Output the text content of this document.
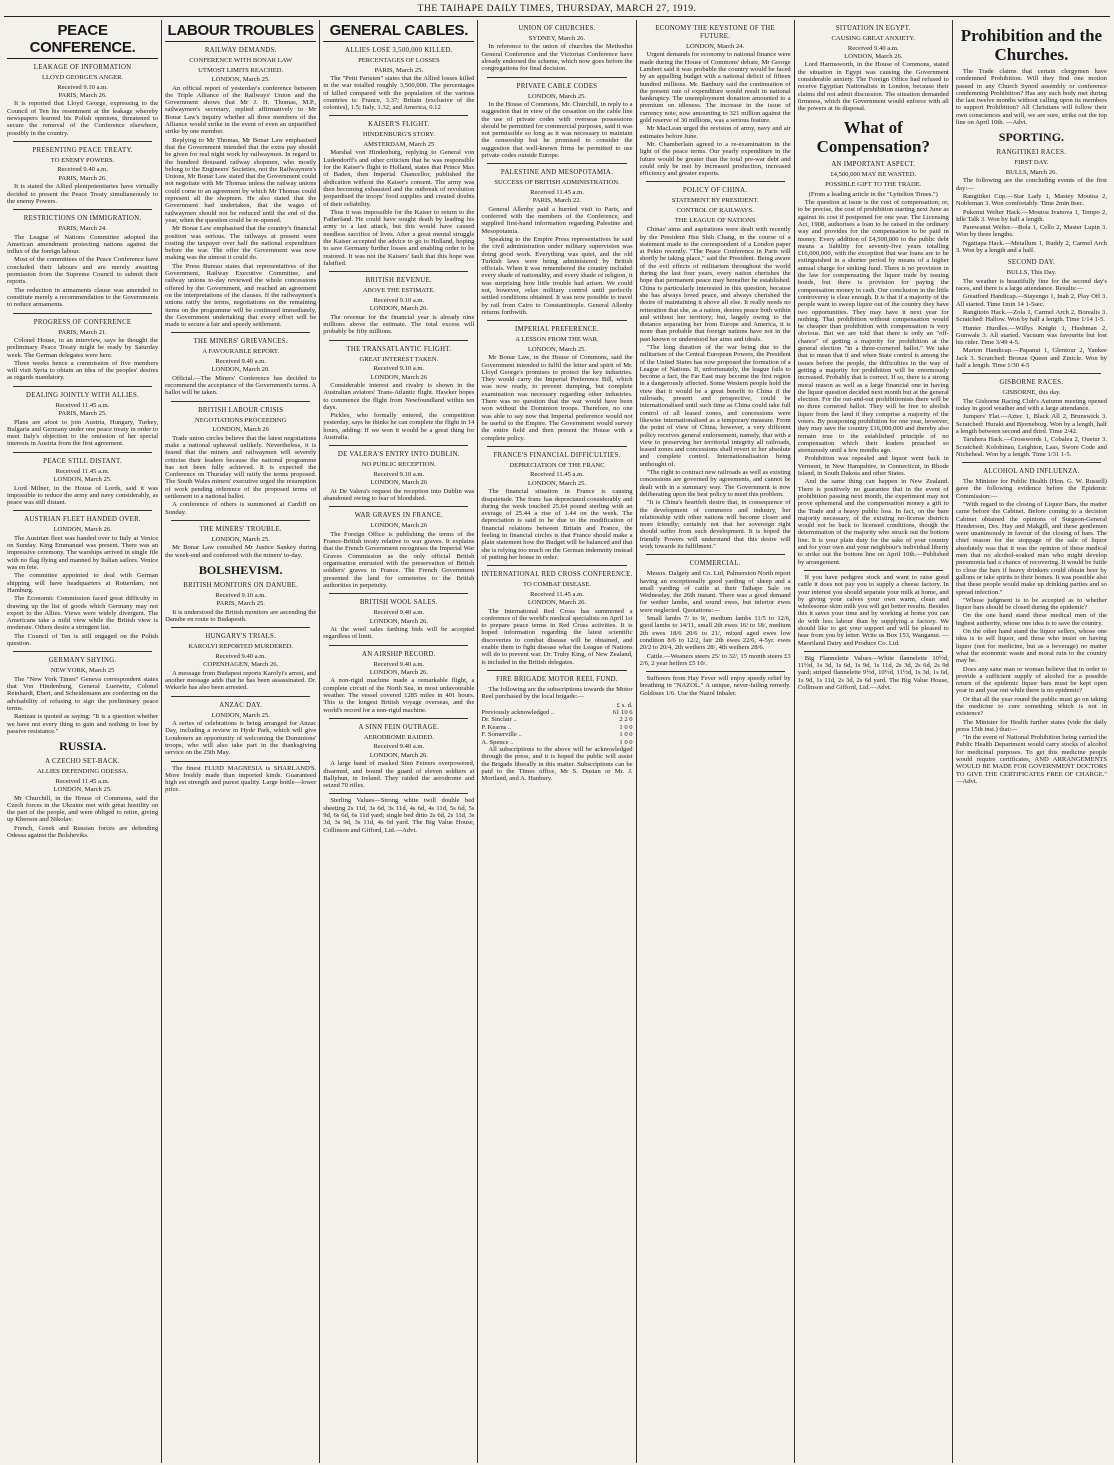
THE TAIHAPE DAILY TIMES, THURSDAY, MARCH 27, 1919.
PEACE CONFERENCE.
LEAKAGE OF INFORMATION
LLOYD GEORGE'S ANGER.
Received 9.10 a.m.
PARIS, March 26.

It is reported that Lloyd George, expressing to the Council of Ten his resentment at the leakage whereby newspapers learned his Polish opinions, threatened to secure the removal of the Conference elsewhere, possibly in the country.

PRESENTING PEACE TREATY.
TO ENEMY POWERS.
Received 9.40 a.m.
PARIS, March 26.

It is stated the Allied plenipotentiaries have virtually decided to present the Peace Treaty simultaneously to the enemy Powers.

RESTRICTIONS ON IMMIGRATION.
PARIS, March 24.

The League of Nations Committee adopted the American amendment protecting nations against the influx of the foreign labour.

Most of the committees of the Peace Conference have concluded their labours and are merely awaiting permission from the Supreme Council to submit their reports.

The reduction in armaments clause was amended to constitute merely a recommendation to the Governments to reduce armaments.

PROGRESS OF CONFERENCE
PARIS, March 21.

Colonel House, in an interview, says he thought the preliminary Peace Treaty might be ready by Saturday week. The German delegates were here.

Three weeks hence a commission of five members will visit Syria to obtain an idea of the peoples' desires as regards mandatory.

DEALING JOINTLY WITH ALLIES.
Received 11.45 a.m.
PARIS, March 25.

Plans are afoot to join Austria, Hungary, Turkey, Bulgaria and Germany under one peace treaty in order to meet Italy's objection to the omission of her special interests in Austria from the first agreement.

PEACE STILL DISTANT.
Received 11.45 a.m.
LONDON, March 25.

Lord Milner, in the House of Lords, said it was impossible to reduce the army and navy considerably, as peace was still distant.

AUSTRIAN FLEET HANDED OVER.
LONDON, March 26.

The Austrian fleet was handed over to Italy at Venice on Sunday. King Emmanuel was present. There was an impressive ceremony. The warships arrived in single file with no flag flying and manned by Italian sailors. Venice was en fete.

The committee appointed to deal with German shipping will have headquarters at Rotterdam, not Hamburg.

The Economic Commission faced great difficulty in drawing up the list of goods which Germany may not export to the Allies. Views were widely divergent. The Americans take a mild view while the British view is moderate. Others desire a stringent list.

The Council of Ten is still engaged on the Polish question.

GERMANY SHYING.
NEW YORK, March 25

The "New York Times" Geneva correspondent states that Von Hindenburg, General Luetwitz, Colonel Reinhardt, Ebert, and Scheidemann are conferring on the advisability of refusing to sign the preliminary peace terms.

Rantzau is quoted as saying: "It is a question whether we have not every thing to gain and nothing to lose by passive resistance."

RUSSIA.
A CZECHO SET-BACK.
ALLIES DEFENDING ODESSA.
Received 11.45 a.m.
LONDON, March 25.

Mr Churchill, in the House of Commons, said the Czech forces in the Ukraine met with great hostility on the part of the people, and were obliged to retire, giving up Kherson and Nikolav.

French, Greek and Russian forces are defending Odessa against the Bolsheviks.

LABOUR TROUBLES
RAILWAY DEMANDS.
CONFERENCE WITH BONAR LAW
UTMOST LIMITS REACHED.
LONDON, March 25.

An official report of yesterday's conference between the Triple Alliance of the Railways' Union and the Government shows that Mr J. H. Thomas, M.P., railwaymen's secretary, replied affirmatively to Mr Bonar Law's inquiry whether all three members of the Alliance would strike in the event of even an unjustified strike by one member.

Replying to Mr Thomas, Mr Bonar Law emphasised that the Government intended that the extra pay should be given for real night work by railwaymen. In regard to the hundred thousand railway shopmen, who mostly belong to the Engineers' Societies, not the Railwaymen's Unions, Mr Bonar Law stated that the Government could not negotiate with Mr Thomas unless the railway unions could come to an agreement by which Mr Thomas could represent all the shopmen. He also stated that the Government had undertaken, that the wages of railwaymen should not be reduced until the end of the year, when the question could be re-opened.

Mr Bonar Law emphasised that the country's financial position was serious. The railways at present were costing the taxpayer over half the national expenditure before the war. The offer the Government was now making was the utmost it could do.

The Press Bureau states that representatives of the Government, Railway Executive Committee, and railway unions to-day reviewed the whole concessions offered by the Government, and reached an agreement on the interpretations of the clauses. If the railwaymen's unions ratify the terms, negotiations on the remaining items on the programme will be continued immediately, the Government undertaking that every effort will be made to secure a fair and speedy settlement.

THE MINERS' GRIEVANCES.
A FAVOURABLE REPORT.
Received 9.40 a.m.
LONDON, March 20.

Official.—The Miners' Conference has decided to recommend the acceptance of the Government's terms. A ballot will be taken.

BRITISH LABOUR CRISIS
NEGOTIATIONS PROCEEDING
LONDON, March 26

Trade union circles believe that the latest negotiations make a national upheaval unlikely. Nevertheless, it is feared that the miners and railwaymen will severely criticise their leaders because the national programme has not been fully achieved. It is expected the Conference on Thursday will ratify the terms proposed. The South Wales miners' executive urged the resumption of work pending reference of the proposed terms of settlement to a national ballot.

A conference of others is summoned at Cardiff on Sunday.

THE MINERS' TROUBLE.
LONDON, March 25.

Mr Bonar Law consulted Mr Justice Sankey during the week-end and conferred with the miners' to-day.

BOLSHEVISM.
BRITISH MONITORS ON DANUBE.
Received 9.10 a.m.
PARIS, March 25.

It is understood the British monitors are ascending the Danube en route to Budapesth.

HUNGARY'S TRIALS.
KAROLYI REPORTED MURDERED.
Received 9.40 a.m.
COPENHAGEN, March 26.

A message from Budapest reports Karolyi's arrest, and another message adds that he has been assassinated. Dr. Wekerle has also been arrested.

ANZAC DAY.
LONDON, March 25.

A series of celebrations is being arranged for Anzac Day, including a review in Hyde Park, which will give Londoners an opportunity of welcoming the Dominions' troops, who will also take part in the thanksgiving service on the 25th May.

The finest FLUID MAGNESIA is SHARLAND'S. More freshly made than imported kinds. Guaranteed high est strength and purest quality. Large bottle—lower price.

GENERAL CABLES.
ALLIES LOSE 3,500,000 KILLED.
PERCENTAGES OF LOSSES
PARIS, March 25.

The "Petit Parisien" states that the Allied losses killed in the war totalled roughly 3,500,000. The percentages of killed compared with the population of the various countries is: France, 3.37; Britain (exclusive of the colonies), 1.5; Italy, 1.32; and America, 0.12

KAISER'S FLIGHT.
HINDENBURG'S STORY.
AMSTERDAM, March 25

Marshal von Hindenburg, replying to General von Ludendorff's and other criticism that he was responsible for the Kaiser's flight to Holland, states that Prince Max of Baden, then Imperial Chancellor, published the abdication without the Kaiser's consent. The army was then becoming exhausted and the outbreak of revolution jeopardised the troops' food supplies and created doubts of their reliability.

Thus it was impossible for the Kaiser to return to the Fatherland. He could have sought death by leading his army to a last attack, but this would have caused needless sacrifice of lives. After a great mental struggle the Kaiser accepted the advice to go to Holland, hoping to save Germany further losses and enabling order to be restored. It was not the Kaisers' fault that this hope was falsified.

BRITISH REVENUE.
ABOVE THE ESTIMATE.
Received 9.10 a.m.
LONDON, March 26.

The revenue for the financial year is already nine millions above the estimate. The total excess will probably be fifty millions.

THE TRANSATLANTIC FLIGHT.
GREAT INTEREST TAKEN.
Received 9.10 a.m.
LONDON, March 26

Considerable interest and rivalry is shown in the Australian aviators' Trans-Atlantic flight. Hawker hopes to commence the flight from Newfoundland within ten days.

Pickles, who formally entered, the competition yesterday, says he thinks he can complete the flight in 14 hours, adding: If we won it would be a great thing for Australia.

DE VALERA'S ENTRY INTO DUBLIN.
NO PUBLIC RECEPTION.
Received 9.10 a.m.
LONDON, March 26

At De Valera's request the reception into Dublin was abandoned owing to fear of bloodshed.

WAR GRAVES IN FRANCE.
LONDON, March 26

The Foreign Office is publishing the terms of the France-British treaty relative to war graves. It explains that the French Government recognises the Imperial War Graves Commission as the only official British organisation entrusted with the preservation of British soldiers' graves in France. The French Government presented the land for cemeteries to the British authorities in perpetuity.

BRITISH WOOL SALES.
Received 9.40 a.m.
LONDON, March 26.

At the wool sales farthing bids will be accepted regardless of limit.

AN AIRSHIP RECORD.
Received 9.40 a.m.
LONDON, March 26.

A non-rigid machine made a remarkable flight, a complete circuit of the North Sea, in most unfavourable weather. The vessel covered 1285 miles in 401 hours. This is the longest British voyage overseas, and the world's record for a non-rigid machine.

A SINN FEIN OUTRAGE.
AERODROME RAIDED.
Received 9.40 a.m.
LONDON, March 26.

A large band of masked Sinn Feiners overpowered, disarmed, and bound the guard of eleven soldiers at Ballyhun, in Ireland. They raided the aerodrome and seized 70 rifles.

Sterling Values—Strong white twill double bed sheeting 2s 11d, 3s 6d, 3s 11d, 4s 6d, 4s 11d, 5s 6d, 5s 9d, 6s 6d, 6s 11d yard; single bed ditto 2s 6d, 2s 11d, 3s 3d, 3s 9d, 3s 11d, 4s 6d yard. The Big Value House, Collinson and Gifford, Ltd.—Advt.

UNION OF CHURCHES.
SYDNEY, March 26.

In reference to the union of churches the Methodist General Conference and the Victorian Conference have already endorsed the scheme, which now goes before the congregations for final decision.

PRIVATE CABLE CODES
LONDON, March 25.

In the House of Commons, Mr. Churchill, in reply to a suggestion that in view of the cessation on the cable line the use of private codes with overseas possessions should be permitted for commercial purposes, said it was not permissible so long as it was necessary to maintain the censorship but he promised to consider the suggestion that well-known firms be permitted to use private codes outside Europe.

PALESTINE AND MESOPOTAMIA.
SUCCESS OF BRITISH ADMINISTRATION.
Received 11.45 a.m.
PARIS, March 22.

General Allenby paid a hurried visit to Paris, and conferred with the members of the Conference, and supplied first-hand information regarding Palestine and Mesopotamia.

Speaking to the Empire Press representatives he said the civil administration under military supervision was doing good work. Everything was quiet, and the old Turkish laws were being administered by British officials. When it was remembered the country included every shade of nationality, and every shade of religion, it was surprising how little trouble had arisen. We could not, however, relax military control until perfectly settled conditions obtained. It was now possible to travel by rail from Cairo to Constantinople. General Allenby returns forthwith.

IMPERIAL PREFERENCE.
A LESSON FROM THE WAR.
LONDON, March 25.

Mr Bonar Law, in the House of Commons, said the Government intended to fulfil the letter and spirit of Mr. Lloyd George's promises to protect the key industries. They would carry the Imperial Preference Bill, which was now ready, to prevent dumping, but complete examination was necessary regarding other industries. There was no question that the war would have been won without the Dominion troops. Therefore, no one was able to say now that Imperial preference would not be useful to the Empire. The Government would survey the entire field and then present the House with a complete policy.

FRANCE'S FINANCIAL DIFFICULTIES.
DEPRECIATION OF THE FRANC
Received 11.45 a.m.
LONDON, March 25.

The financial situation in France is causing disquietude. The franc has depreciated considerably and during the week touched 25.64 pound sterling with an average of 25.44 a rise of 1.44 on the week. The depreciation is said to be due to the modification of financial relations between Britain and France, the feeling in financial circles is that France should make a plain statement how the Budget will be balanced and that she is relying too much on the German indemnity instead of putting her house in order.

INTERNATIONAL RED CROSS CONFERENCE.
TO COMBAT DISEASE.
Received 11.45 a.m.
LONDON, March 26.

The International Red Cross has summoned a conference of the world's medical specialists on April 1st to prepare peace terms in Red Cross activities. It is hoped information regarding the latest scientific discoveries to combat disease will be obtained, and enable them to fight disease what the League of Nations will do to prevent war. Dr. Truby King, of New Zealand, is included in the British delegates.

FIRE BRIGADE MOTOR REEL FUND.

The following are the subscriptions towards the Motor Reel purchased by the local brigade:—

£ s. d.
Previously acknowledged ..	61 10 6
Dr. Sinclair ..	2 2 0
P. Kearns ..	1 0 0
F. Somerville ..	1 0 0
A. Spence ..	1 0 0

All subscriptions to the above will be acknowledged through the press, and it is hoped the public will assist the Brigade liberally in this matter. Subscriptions can be paid to the Times office, Mr S. Dustan or Mr. J. Mortland, and A. Hanbury.

ECONOMY THE KEYSTONE OF THE FUTURE.
LONDON, March 24.

Urgent demands for economy to national finance were made during the House of Commons' debate, Mr George Lambert said it was probable the country would be faced by an appalling budget with a national deficit of fifteen hundred millions. Mr. Banbury said the continuation of the present rate of expenditure would result in national bankruptcy. The unemployment donation amounted to a premium on idleness. The increase in the issue of currency note, now amounting to 321 million against the gold reserve of 30 millions, was a serious feature.

Mr MacLean urged the revision of army, navy and air estimates before June.

Mr. Chamberlain agreed to a re-examination in the light of the peace terms. Our yearly expenditure in the future would be greater than the total pre-war debt and could only be met by increased production, increased efficiency and greater exports.

POLICY OF CHINA.
STATEMENT BY PRESIDENT.
CONTROL OF RAILWAYS.
THE LEAGUE OF NATIONS

Chinas' aims and aspirations were dealt with recently by the President Hsu Shih Chang, in the course of a statement made to the correspondent of a London paper at Pekin recently. "The Peace Conference in Paris will shortly be taking place," said the President. Being aware of the evil effects of militarism throughout the world during the last four years, every nation cherishes the hope that permanent peace may hereafter be established. China is particularly interested in this question, because she has always loved peace, and always cherished the desire of maintaining it above all else. It really needs no reiteration that she, as a nation, desires peace both within and without her territory; but, largely owing to the distance separating her from Europe and America, it is more than probable that foreign nations have not in the past known or understood her aims and ideals.

"The long duration of the war being due to the militarism of the Central European Powers, the President of the United States has now proposed the formation of a League of Nations. If, unfortunately, the league fails to become a fact, the Far East may become the first region in a dangerously affected. Some Western people hold the view that it would be a great benefit to China if the railroads, present and prospective, could be internationalised until such time as China could take full control of all leased zones, and concessions were likewise internationalised as a temporary measure. From the point of view of China, however, a very different policy receives general endorsement, namely, that with a view to preserving her territorial integrity all railroads, leased zones and concessions shall revert to her absolute and complete control. Internationalisation being unthought of.

"The right to contract new railroads as well as existing concessions are governed by agreements, and cannot be dealt with in a summary way. The Government is now deliberating upon the best policy to meet this problem.

"It is China's heartfelt desire that, in consequence of the development of commerce and industry, her relationship with other nations will become closer and more friendly; certainly not that her sovereign right should suffer from such development. It is hoped the friendly Powers will understand that this desire will work towards its fulfilment."

COMMERCIAL.

Messrs. Dalgety and Co. Ltd, Palmerston North report having an exceptionally good yarding of sheep and a small yarding of cattle at their Taihape Sale on Wednesday, the 26th instant. There was a good demand for wether lambs, and sound ewes, but inferior ewes were neglected. Quotations:—

Small lambs 7/ to 9/, medium lambs 11/5 to 12/6, good lambs to 14/11, small 2th ewes 16/ to 18/, medium 2th ewes 18/6 20/6 to 21/, mixed aged ewes low condition 8/6 to 12/2, fair 2th ewes 22/6, 4-5yr. ewes 20/2 to 20/4, 2th wethers 28/, 4th wethers 28/6.

Cattle.—Weaners steers 25/ to 32/, 15 month steers £3 2/6, 2 year heifers £5 10/.

Sufferers from Hay Fever will enjoy speedy relief by breathing in "NAZOL." A unique, never-failing remedy. Goldoses 1/6. Use the Nazol Inhaler.

SITUATION IN EGYPT.
CAUSING GREAT ANXIETY.
Received 9.40 a.m.
LONDON, March 26.

Lord Harmsworth, in the House of Commons, stated the situation in Egypt was causing the Government considerable anxiety. The Foreign Office had refused to receive Egyptian Nationalists in London, because their claims did not admit discussion. The situation demanded firmness, which the Government would enforce with all the powers at its disposal.

What of Compensation?
AN IMPORTANT ASPECT.
£4,500,000 MAY BE WASTED.
POSSIBLE GIFT TO THE TRADE.
(From a leading article in the "Lyttelton Times.")

The question at issue is the cost of compensation; or, to be precise, the cost of prohibition starting next June as against its cost if postponed for one year. The Licensing Act, 1908, authorises a loan to be raised in the ordinary way and provides for the compensation to be paid in money. Every addition of £4,500,000 to the public debt means a liability for seventy-five years totalling £16,000,000, with the exception that war loans are to be extinguished in a shorter period by means of a higher annual charge for sinking fund. There is no provision in the law for compensating the liquor trade by issuing bonds, but there is provision for paying the compensation money in cash. Our conclusion in the little controversy is clear enough. It is that if a majority of the people want to sweep liquor out of the country they have two opportunities. They may have it next year for nothing. That prohibition without compensation would be cheaper than prohibition with compensation is very obvious. But we are told that there is only an "off-chance" of getting a majority for prohibition at the general election "in a three-cornered ballot." We take that to mean that if and when State control is among the issues before the people, the difficulties in the way of getting a majority for prohibition will be enormously increased. Probably that is correct. If so, there is a strong moral reason as well as a large financial one in having the liquor question decided next month but at the general election. For the out-and-out prohibitionists there will be no three cornered ballot. They will be free to abolish liquor from the land if they comprise a majority of the voters. By postponing prohibition for one year, however, they may save the country £16,000,000 and thereby also remain true to the established principle of no compensation which their leaders preached so strenuously until a few months ago.

Prohibition was repealed and liquor went back in Vermont, in New Hampshire, in Connecticut, in Rhode Island, in South Dakota and other States.

And the same thing can happen in New Zealand. There is positively no guarantee that in the event of prohibition passing next month, the experiment may not prove ephemeral and the compensation money a gift to the Trade and a heavy public loss. In fact, on the bare majority necessary, of the existing no-license districts would not be back to licensed conditions, though the determination of the majority who struck out the bottom line. It is your plain duty for the sake of your country and for your own and your neighbour's individual liberty to strike out the bottom line on April 10th.—Published by arrangement.

If you have pedigree stock and want to raise good cattle it does not pay you to supply a cheese factory. In your interest you should separate your milk at home, and by giving your calves your own warm, clean and wholesome skim milk you will get better results. Besides this it saves your time and by working at home you can do with less labour than by supplying a factory. We should like to get your support and will be pleased to hear from you by letter. Write us Box 153, Wanganui. —Maoriland Dairy and Produce Co. Ltd.

Big Flannelette Values—White flannelette 10½d, 11½d, 1s 3d, 1s 6d, 1s 9d, 1s 11d, 2s 3d, 2s 6d, 2s 9d yard; striped flannelette 9½d, 10½d, 11½d, 1s 3d, 1s 6d, 1s 9d, 1s 11d, 2s 3d, 2s 6d yard. The Big Value House, Collinson and Gifford, Ltd.—Advt.

Prohibition and the Churches.

The Trade claims that certain clergymen have condemned Prohibition. Will they find one motion passed in any Church Synod assembly or conference condemning Prohibition? Has any such body met during the last twelve months without calling upon its members to support Prohibition? All Christians will follow their own consciences and will, we are sure, strike out the top line on April 10th. —Advt.

SPORTING.
RANGITIKEI RACES.
FIRST DAY.
BULLS, March 26.

The following are the concluding events of the first day:—

Rangitikei Cup.—Star Lady 1, Mastey Moutoa 2, Nobleman 3. Won comfortably. Time 2min 8sec.

Pukenui Welter Hack.—Moutoa Ivanova 1, Tempo 2, Idle Talk 3. Won by half a length.

Parewanui Welter.—Bola 1, Cello 2, Master Lupin 3. Won by three lengths.

Ngatiapa Hack.—Metallum 1, Ruddy 2, Carmel Arch 3. Won by a length and a half.

SECOND DAY.
BULLS, This Day.

The weather is beautifully fine for the second day's races, and there is a large attendance. Results:—

Greatford Handicap.—Stayengo 1, Inah 2, Play Off 3. All started. Time 1min 14 1-5sec.

Rangitoto Hack.—Zola 1, Carmel Arch 2, Borealis 3. Scratched: Hallow. Won by half a length. Time 1/14 1-5.

Hunter Hurdles.—Willys Knight 1, Hushman 2, Gunwale 3. All started. Vacuum was favourite but lost his rider. Time 3/49 4-5.

Marton Handicap.—Papanui 1, Glentour 2, Yankee Jack 3. Scratched: Bronze Queen and Zinicle. Won by half a length. Time 1/30 4-5

GISBORNE RACES.
GISBORNE, this day.

The Gisborne Racing Club's Autumn meeting opened today in good weather and with a large attendance.

Jumpers' Flat.—Aztec 1, Black All 2, Brunswick 3. Scratched: Huraki and Bjorneborg. Won by a length, half a length between second and third. Time 2/42.

Taruhera Hack.—Crosswords 1, Cobalea 2, Ouetur 3. Scratched: Kolohinau, Leighton, Lass, Swore Code and Nicheheal. Won by a length. Time 1/31 1-5.

ALCOHOL AND INFLUENZA.

The Minister for Public Health (Hon. G. W. Russell) gave the following evidence before the Epidemic Commission:—

"With regard to the closing of Liquor Bars, the matter came before the Cabinet. Before coming to a decision Cabinet obtained the opinions of Surgeon-General Henderson, Drs. Hay and Makgill, and these gentlemen were unanimously in favour of the closing of bars. The chief reason for the stoppage of the sale of liquor absolutely was that it was the opinion of these medical men that no alcohol-soaked man who might develop pneumonia had a chance of recovering. It would be futile to close the bars if heavy drinkers could obtain beer by gallons or take spirits to their homes. It was possible also that these people would make up drinking parties and so spread infection."

"Whose judgment is to be accepted as to whether liquor bars should be closed during the epidemic?

On the one hand stand these medical men of the highest authority, whose one idea is to save the country.

On the other hand stand the liquor sellers, whose one idea is to sell liquor, and those who insist on having liquor (not for medicine, but as a beverage) no matter what the economic waste and moral ruin to the country may be.

Does any sane man or woman believe that in order to provide a sufficient supply of alcohol for a possible return of the epidemic liquor bars must be kept open year in and year out while there is no epidemic?

Or that all the year round the public must go on taking the medicine to cure something which is not in existence?

The Minister for Health further states (vide the daily press 15th inst.) that:—

"In the event of National Prohibition being carried the Public Health Department would carry stocks of alcohol for medicinal purposes. To get this medicine people would require certificates, AND ARRANGEMENTS WOULD BE MADE FOR GOVERNMENT DOCTORS TO GIVE THE CERTIFICATES FREE OF CHARGE." —Advt.
